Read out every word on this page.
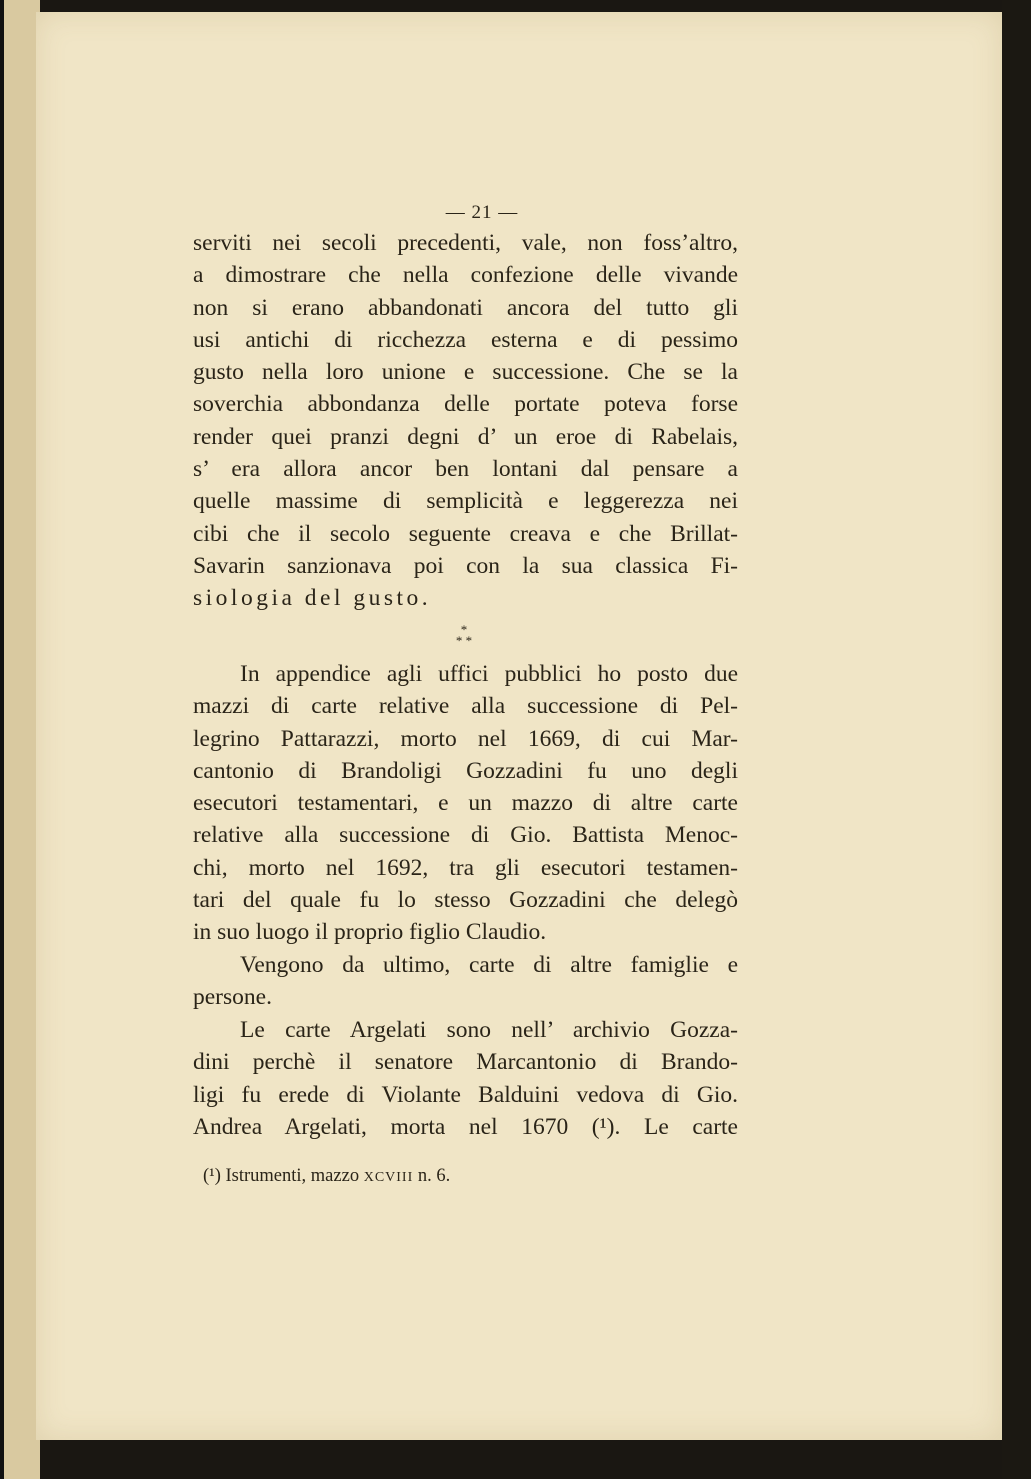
— 21 —
serviti nei secoli precedenti, vale, non foss’altro,
a dimostrare che nella confezione delle vivande
non si erano abbandonati ancora del tutto gli
usi antichi di ricchezza esterna e di pessimo
gusto nella loro unione e successione. Che se la
soverchia abbondanza delle portate poteva forse
render quei pranzi degni d’ un eroe di Rabelais,
s’ era allora ancor ben lontani dal pensare a
quelle massime di semplicità e leggerezza nei
cibi che il secolo seguente creava e che Brillat-
Savarin sanzionava poi con la sua classica Fi-
siologia del gusto.
*
* *
In appendice agli uffici pubblici ho posto due
mazzi di carte relative alla successione di Pel-
legrino Pattarazzi, morto nel 1669, di cui Mar-
cantonio di Brandoligi Gozzadini fu uno degli
esecutori testamentari, e un mazzo di altre carte
relative alla successione di Gio. Battista Menoc-
chi, morto nel 1692, tra gli esecutori testamen-
tari del quale fu lo stesso Gozzadini che delegò
in suo luogo il proprio figlio Claudio.
Vengono da ultimo, carte di altre famiglie e
persone.
Le carte Argelati sono nell’ archivio Gozza-
dini perchè il senatore Marcantonio di Brando-
ligi fu erede di Violante Balduini vedova di Gio.
Andrea Argelati, morta nel 1670 (¹). Le carte
(¹) Istrumenti, mazzo XCVIII n. 6.
